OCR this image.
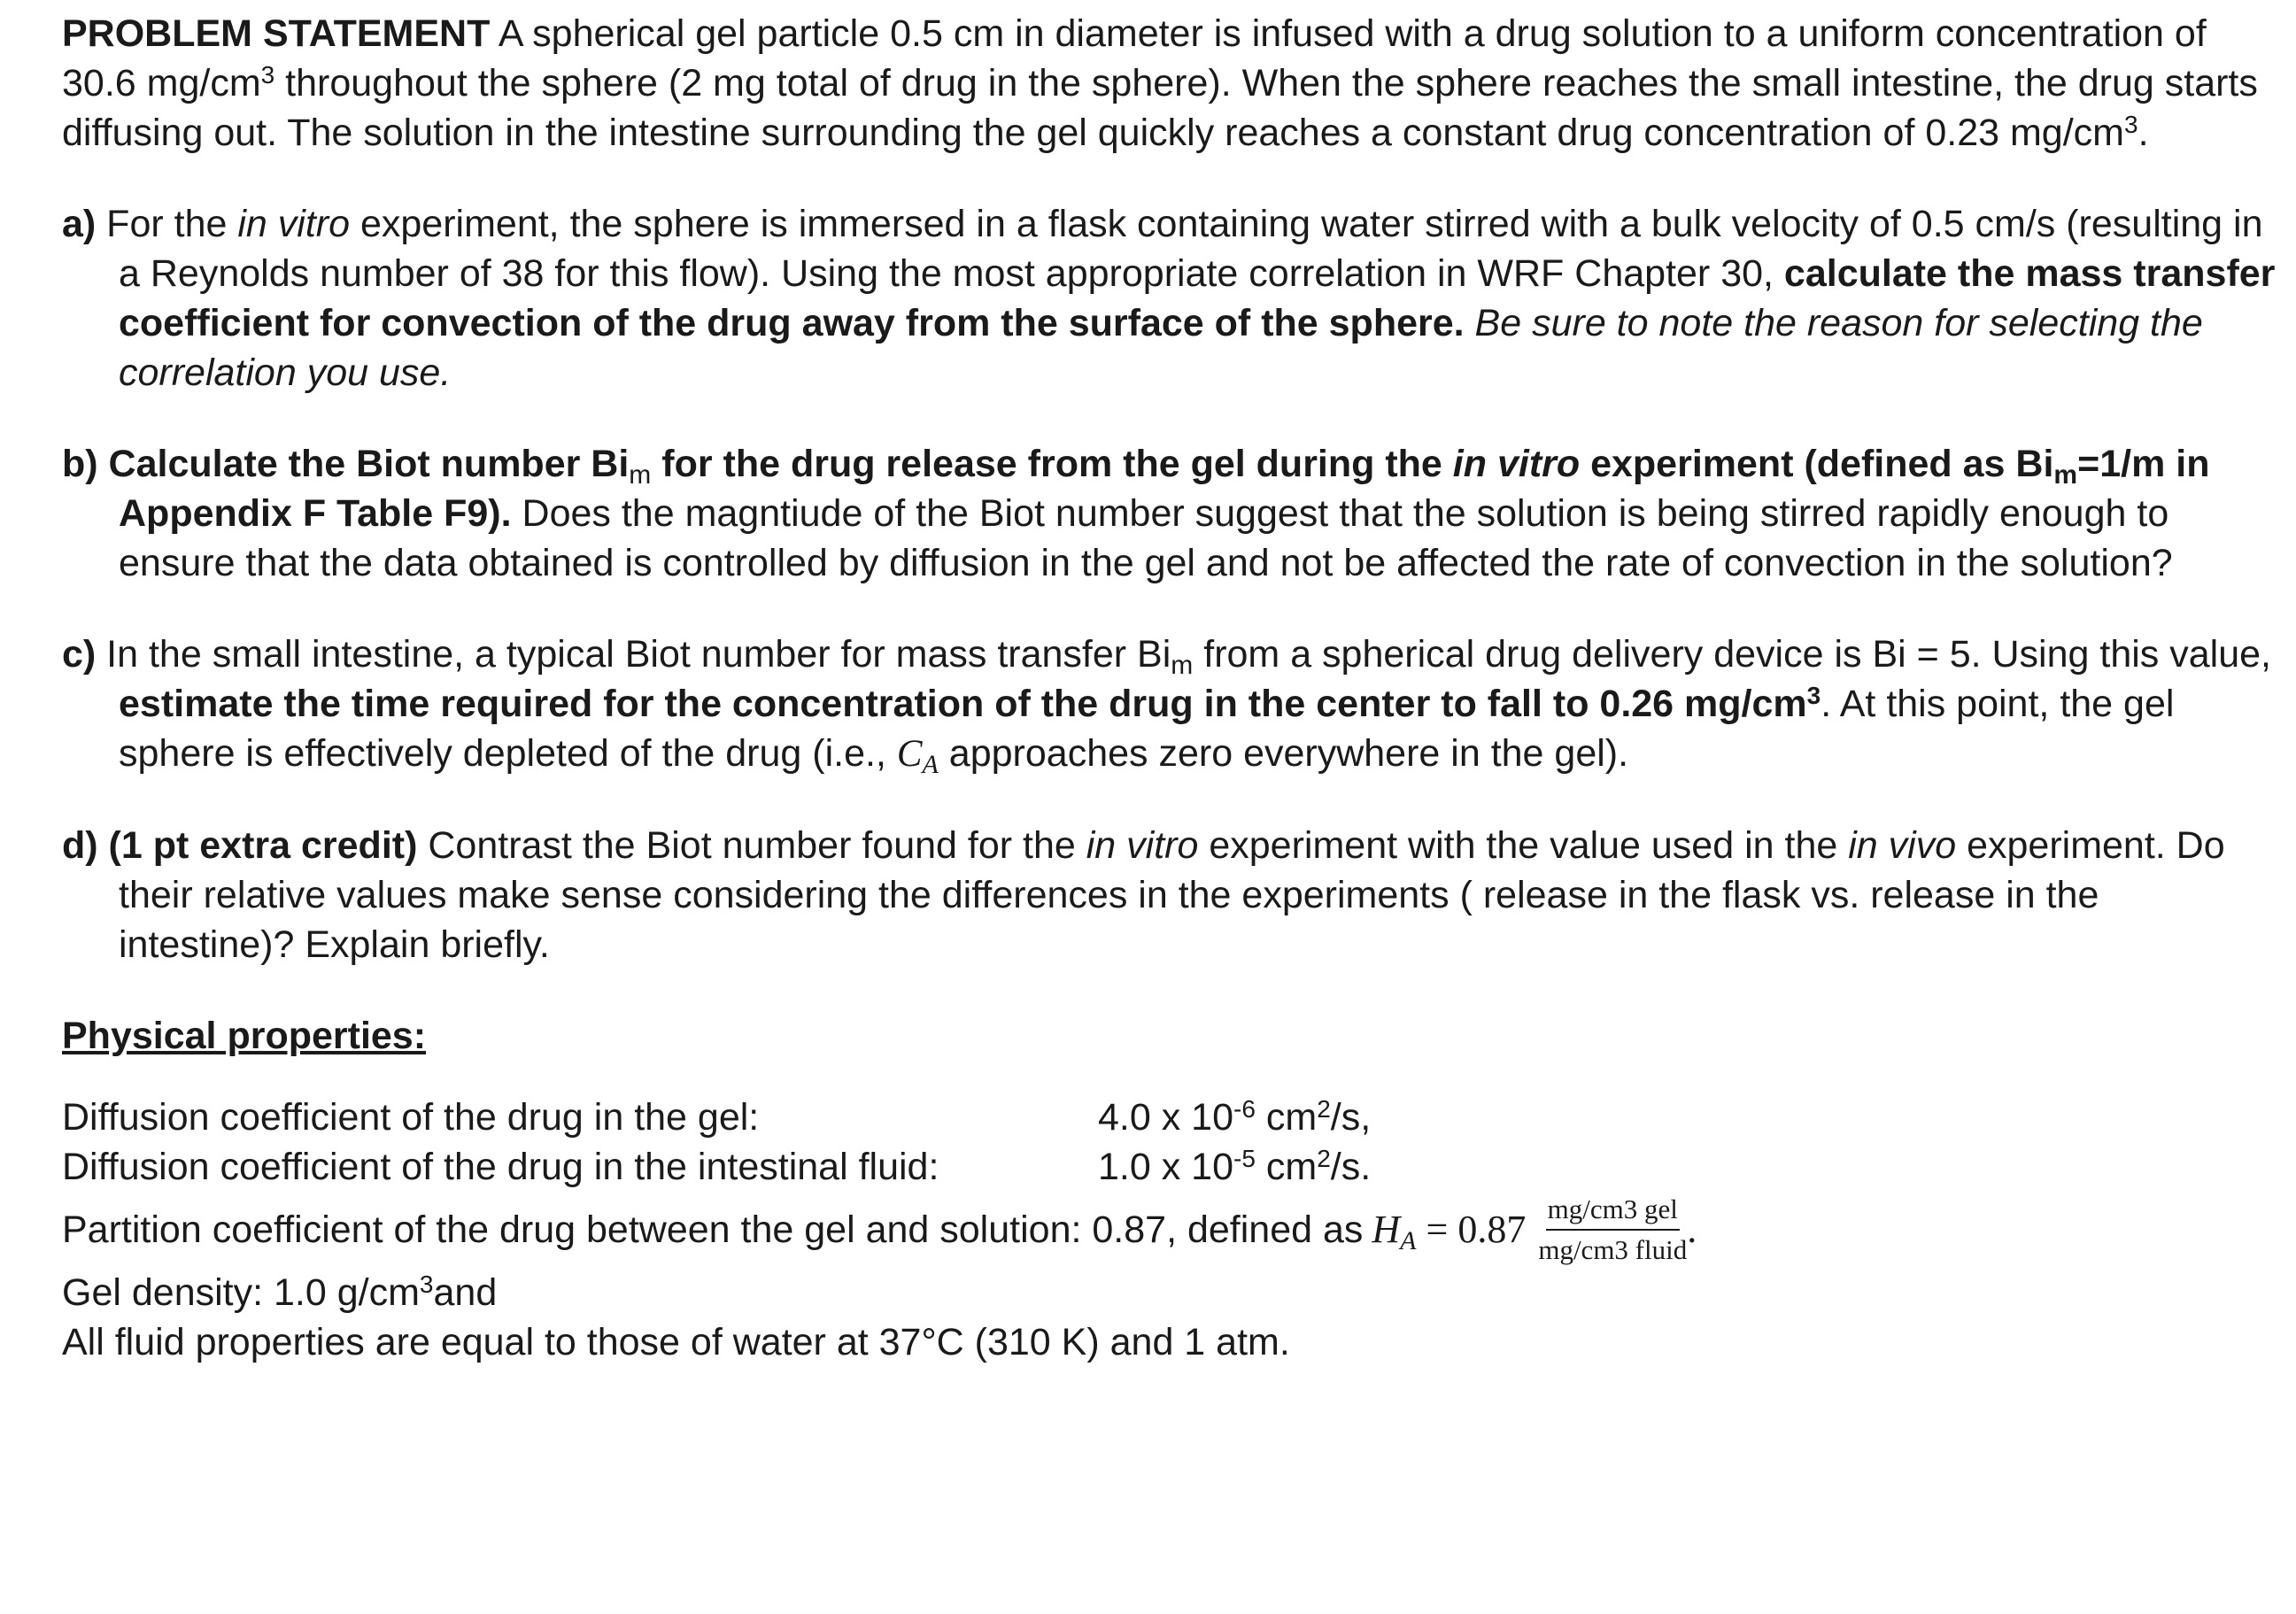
PROBLEM STATEMENT A spherical gel particle 0.5 cm in diameter is infused with a drug solution to a uniform concentration of 30.6 $mg/cm^3$ throughout the sphere (2 mg total of drug in the sphere). When the sphere reaches the small intestine, the drug starts diffusing out. The solution in the intestine surrounding the gel quickly reaches a constant drug concentration of 0.23 $mg/cm^3$.

a) For the in vitro experiment, the sphere is immersed in a flask containing water stirred with a bulk velocity of 0.5 cm/s (resulting in a Reynolds number of 38 for this flow). Using the most appropriate correlation in WRF Chapter 30, calculate the mass transfer coefficient for convection of the drug away from the surface of the sphere. Be sure to note the reason for selecting the correlation you use.

b) Calculate the Biot number $Bi_m$ for the drug release from the gel during the in vitro experiment (defined as $Bi_m=1/m$ in Appendix F Table F9). Does the magntiude of the Biot number suggest that the solution is being stirred rapidly enough to ensure that the data obtained is controlled by diffusion in the gel and not be affected the rate of convection in the solution?

c) In the small intestine, a typical Biot number for mass transfer $Bi_m$ from a spherical drug delivery device is Bi = 5. Using this value, estimate the time required for the concentration of the drug in the center to fall to 0.26 $mg/cm^3$. At this point, the gel sphere is effectively depleted of the drug (i.e., $C_A$ approaches zero everywhere in the gel).

d) (1 pt extra credit) Contrast the Biot number found for the in vitro experiment with the value used in the in vivo experiment. Do their relative values make sense considering the differences in the experiments ( release in the flask vs. release in the intestine)? Explain briefly.

Physical properties:

Diffusion coefficient of the drug in the gel:	4.0 x $10^{-6}$ $cm^2/s$,
Diffusion coefficient of the drug in the intestinal fluid:	1.0 x $10^{-5}$ $cm^2/s$.
Partition coefficient of the drug between the gel and solution: 0.87, defined as $H_A = 0.87 \frac{\text{mg/cm3 gel}}{\text{mg/cm3 fluid}}$ .

Gel density: 1.0 $g/cm^3and$

All fluid properties are equal to those of water at 37°C (310 K) and 1 atm.
